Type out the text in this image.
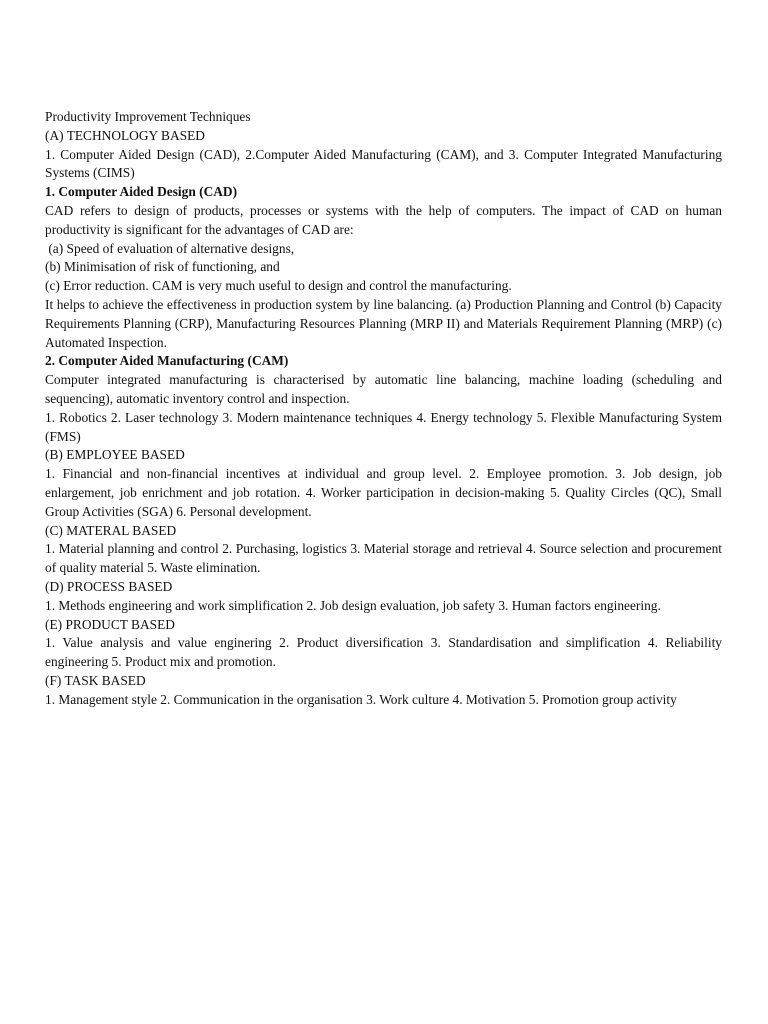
Productivity Improvement Techniques

(A) TECHNOLOGY BASED

1. Computer Aided Design (CAD), 2.Computer Aided Manufacturing (CAM), and 3. Computer Integrated Manufacturing Systems (CIMS)

1. Computer Aided Design (CAD)

CAD refers to design of products, processes or systems with the help of computers. The impact of CAD on human productivity is significant for the advantages of CAD are:

(a) Speed of evaluation of alternative designs,

(b) Minimisation of risk of functioning, and

(c) Error reduction. CAM is very much useful to design and control the manufacturing.

It helps to achieve the effectiveness in production system by line balancing. (a) Production Planning and Control (b) Capacity Requirements Planning (CRP), Manufacturing Resources Planning (MRP II) and Materials Requirement Planning (MRP) (c) Automated Inspection.

2. Computer Aided Manufacturing (CAM)

Computer integrated manufacturing is characterised by automatic line balancing, machine loading (scheduling and sequencing), automatic inventory control and inspection.

1. Robotics 2. Laser technology 3. Modern maintenance techniques 4. Energy technology 5. Flexible Manufacturing System (FMS)

(B) EMPLOYEE BASED

1. Financial and non-financial incentives at individual and group level. 2. Employee promotion. 3. Job design, job enlargement, job enrichment and job rotation. 4. Worker participation in decision-making 5. Quality Circles (QC), Small Group Activities (SGA) 6. Personal development.

(C) MATERAL BASED

1. Material planning and control 2. Purchasing, logistics 3. Material storage and retrieval 4. Source selection and procurement of quality material 5. Waste elimination.

(D) PROCESS BASED

1. Methods engineering and work simplification 2. Job design evaluation, job safety 3. Human factors engineering.

(E) PRODUCT BASED

1. Value analysis and value enginering 2. Product diversification 3. Standardisation and simplification 4. Reliability engineering 5. Product mix and promotion.

(F) TASK BASED

1. Management style 2. Communication in the organisation 3. Work culture 4. Motivation 5. Promotion group activity
